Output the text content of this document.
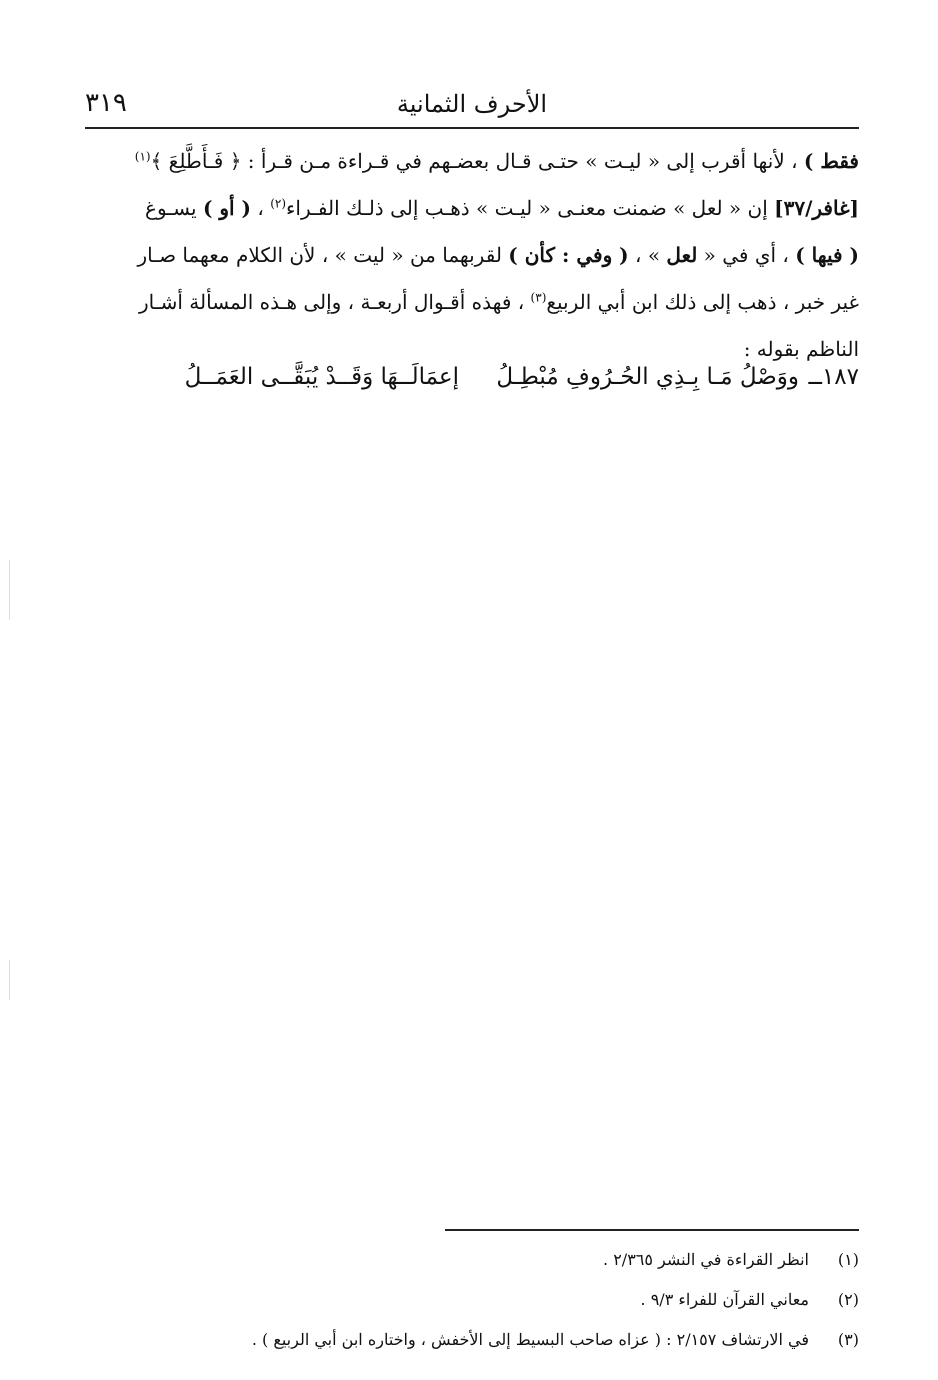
الأحرف الثمانية
٣١٩
فقط ) ، لأنها أقرب إلى « ليـت » حتـى قـال بعضـهم في قـراءة مـن قـرأ : ﴿ فَـأَطَّلِعَ ﴾$^{(١)}$
[غافر/٣٧] إن « لعل » ضمنت معنـى « ليـت » ذهـب إلى ذلـك الفـراء$^{(٢)}$ ، ( أو ) يسـوغ
( فيها ) ، أي في « لعل » ، ( وفي : كأن ) لقربهما من « ليت » ، لأن الكلام معهما صـار
غير خبر ، ذهب إلى ذلك ابن أبي الربيع$^{(٣)}$ ، فهذه أقـوال أربعـة ، وإلى هـذه المسألة أشـار
الناظم بقوله :
١٨٧ــ
ووَصْلُ مَـا بِـذِي الحُـرُوفِ مُبْطِـلُ
إعمَالَــهَا وَقَــدْ يُبَقَّــى العَمَــلُ
(١)
انظر القراءة في النشر ٢/٣٦٥ .
(٢)
معاني القرآن للفراء ٩/٣ .
(٣)
في الارتشاف ٢/١٥٧ : ( عزاه صاحب البسيط إلى الأخفش ، واختاره ابن أبي الربيع ) .
